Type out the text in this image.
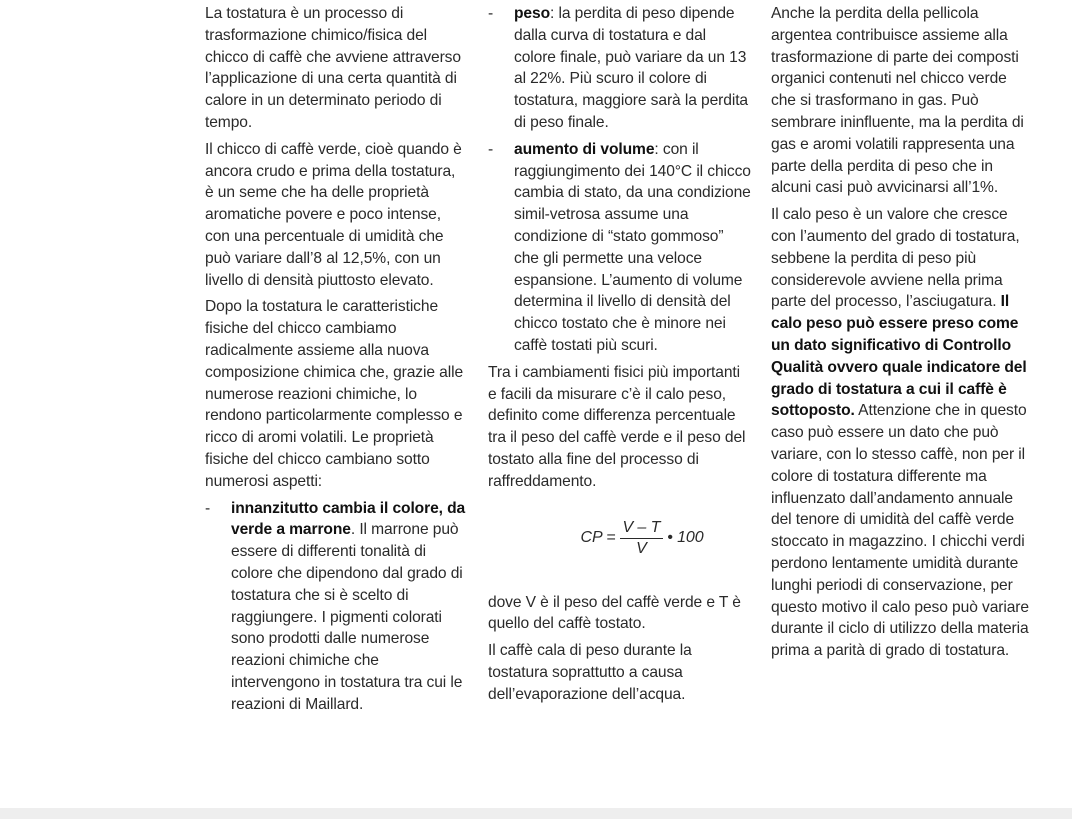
La tostatura è un processo di trasformazione chimico/fisica del chicco di caffè che avviene attraverso l’applicazione di una certa quantità di calore in un determinato periodo di tempo.

Il chicco di caffè verde, cioè quando è ancora crudo e prima della tostatura, è un seme che ha delle proprietà aromatiche povere e poco intense, con una percentuale di umidità che può variare dall’8 al 12,5%, con un livello di densità piuttosto elevato.

Dopo la tostatura le caratteristiche fisiche del chicco cambiamo radicalmente assieme alla nuova composizione chimica che, grazie alle numerose reazioni chimiche, lo rendono particolarmente complesso e ricco di aromi volatili. Le proprietà fisiche del chicco cambiano sotto numerosi aspetti:

- innanzitutto cambia il colore, da verde a marrone. Il marrone può essere di differenti tonalità di colore che dipendono dal grado di tostatura che si è scelto di raggiungere. I pigmenti colorati sono prodotti dalle numerose reazioni chimiche che intervengono in tostatura tra cui le reazioni di Maillard.
- peso: la perdita di peso dipende dalla curva di tostatura e dal colore finale, può variare da un 13 al 22%. Più scuro il colore di tostatura, maggiore sarà la perdita di peso finale.
- aumento di volume: con il raggiungimento dei 140°C il chicco cambia di stato, da una condizione simil-vetrosa assume una condizione di “stato gommoso” che gli permette una veloce espansione. L’aumento di volume determina il livello di densità del chicco tostato che è minore nei caffè tostati più scuri.

Tra i cambiamenti fisici più importanti e facili da misurare c’è il calo peso, definito come differenza percentuale tra il peso del caffè verde e il peso del tostato alla fine del processo di raffreddamento.

CP = $\frac{V - T}{V}$ • 100

dove V è il peso del caffè verde e T è quello del caffè tostato.

Il caffè cala di peso durante la tostatura soprattutto a causa dell’evaporazione dell’acqua.

Anche la perdita della pellicola argentea contribuisce assieme alla trasformazione di parte dei composti organici contenuti nel chicco verde che si trasformano in gas. Può sembrare ininfluente, ma la perdita di gas e aromi volatili rappresenta una parte della perdita di peso che in alcuni casi può avvicinarsi all’1%.

Il calo peso è un valore che cresce con l’aumento del grado di tostatura, sebbene la perdita di peso più considerevole avviene nella prima parte del processo, l’asciugatura. Il calo peso può essere preso come un dato significativo di Controllo Qualità ovvero quale indicatore del grado di tostatura a cui il caffè è sottoposto. Attenzione che in questo caso può essere un dato che può variare, con lo stesso caffè, non per il colore di tostatura differente ma influenzato dall’andamento annuale del tenore di umidità del caffè verde stoccato in magazzino. I chicchi verdi perdono lentamente umidità durante lunghi periodi di conservazione, per questo motivo il calo peso può variare durante il ciclo di utilizzo della materia prima a parità di grado di tostatura.
